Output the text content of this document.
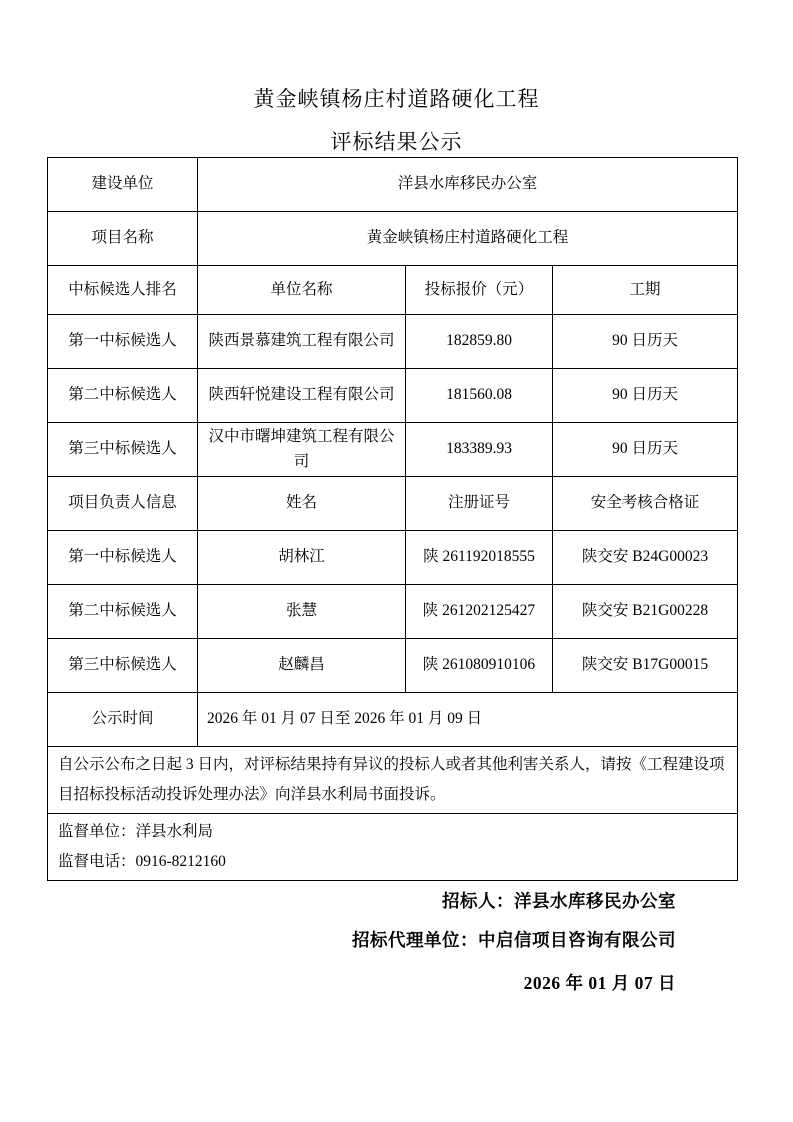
黄金峡镇杨庄村道路硬化工程
评标结果公示
建设单位	洋县水库移民办公室		
项目名称	黄金峡镇杨庄村道路硬化工程		
中标候选人排名	单位名称	投标报价（元）	工期
第一中标候选人	陕西景慕建筑工程有限公司	182859.80	90 日历天
第二中标候选人	陕西轩悦建设工程有限公司	181560.08	90 日历天
第三中标候选人	汉中市曙坤建筑工程有限公司	183389.93	90 日历天
项目负责人信息	姓名	注册证号	安全考核合格证
第一中标候选人	胡林江	陕 261192018555	陕交安 B24G00023
第二中标候选人	张慧	陕 261202125427	陕交安 B21G00228
第三中标候选人	赵麟昌	陕 261080910106	陕交安 B17G00015
公示时间	2026 年 01 月 07 日至 2026 年 01 月 09 日		
自公示公布之日起 3 日内，对评标结果持有异议的投标人或者其他利害关系人，请按《工程建设项目招标投标活动投诉处理办法》向洋县水利局书面投诉。			

监督单位：洋县水利局
监督电话：0916-8212160			
招标人：洋县水库移民办公室
招标代理单位：中启信项目咨询有限公司
2026 年 01 月 07 日
